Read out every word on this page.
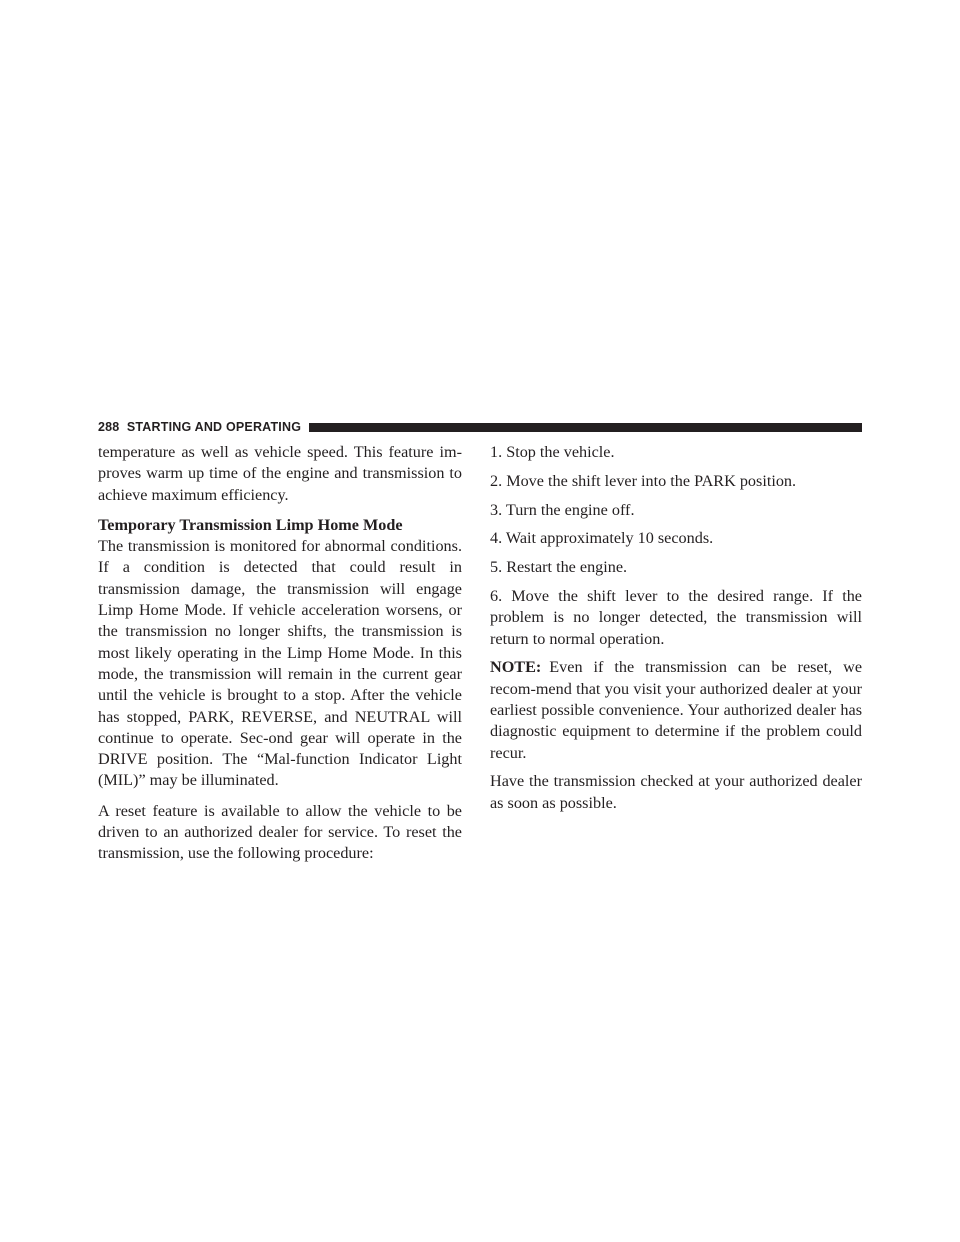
288 STARTING AND OPERATING

temperature as well as vehicle speed. This feature im-proves warm up time of the engine and transmission to achieve maximum efficiency.

Temporary Transmission Limp Home Mode

The transmission is monitored for abnormal conditions. If a condition is detected that could result in transmission damage, the transmission will engage Limp Home Mode. If vehicle acceleration worsens, or the transmission no longer shifts, the transmission is most likely operating in the Limp Home Mode. In this mode, the transmission will remain in the current gear until the vehicle is brought to a stop. After the vehicle has stopped, PARK, REVERSE, and NEUTRAL will continue to operate. Sec-ond gear will operate in the DRIVE position. The “Mal-function Indicator Light (MIL)” may be illuminated.

A reset feature is available to allow the vehicle to be driven to an authorized dealer for service. To reset the transmission, use the following procedure:

1. Stop the vehicle.

2. Move the shift lever into the PARK position.

3. Turn the engine off.

4. Wait approximately 10 seconds.

5. Restart the engine.

6. Move the shift lever to the desired range. If the problem is no longer detected, the transmission will return to normal operation.

NOTE: Even if the transmission can be reset, we recom-mend that you visit your authorized dealer at your earliest possible convenience. Your authorized dealer has diagnostic equipment to determine if the problem could recur.

Have the transmission checked at your authorized dealer as soon as possible.
